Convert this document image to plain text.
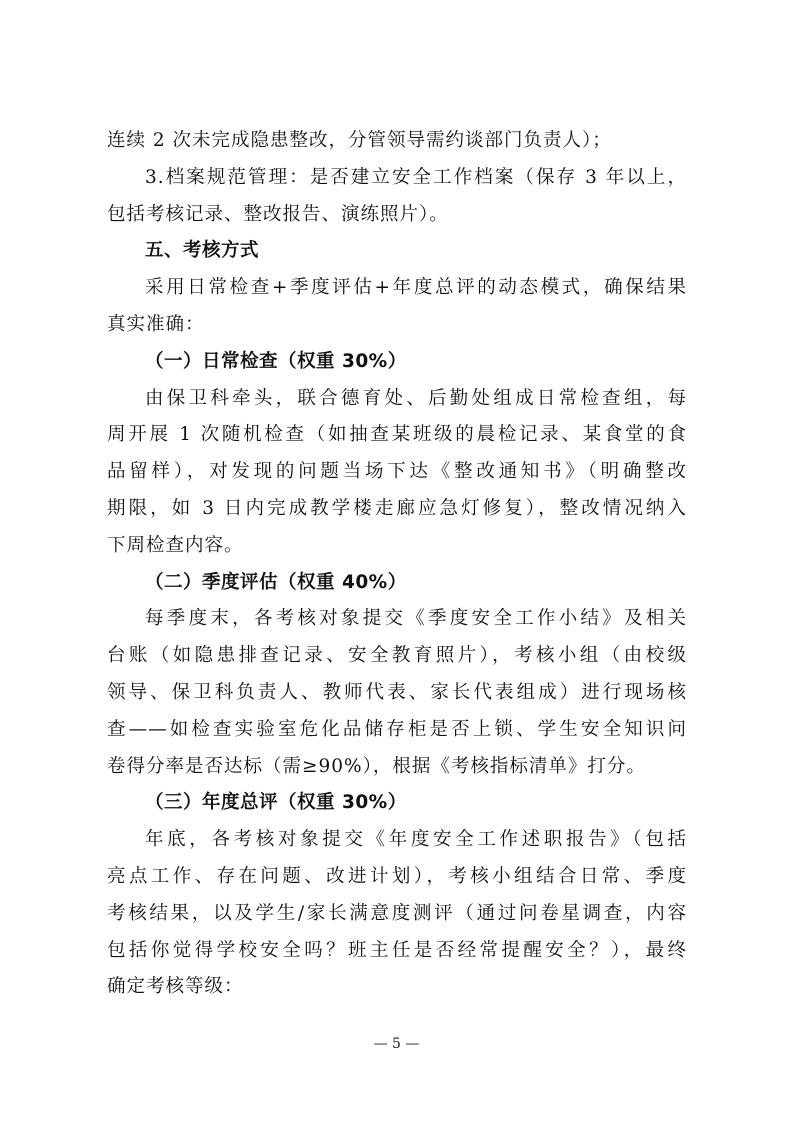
连续 2 次未完成隐患整改，分管领导需约谈部门负责人）；
3.档案规范管理：是否建立安全工作档案（保存 3 年以上，
包括考核记录、整改报告、演练照片）。
五、考核方式
采用日常检查+季度评估+年度总评的动态模式，确保结果
真实准确：
（一）日常检查（权重 30%）
由保卫科牵头，联合德育处、后勤处组成日常检查组，每
周开展 1 次随机检查（如抽查某班级的晨检记录、某食堂的食
品留样），对发现的问题当场下达《整改通知书》（明确整改
期限，如 3 日内完成教学楼走廊应急灯修复），整改情况纳入
下周检查内容。
（二）季度评估（权重 40%）
每季度末，各考核对象提交《季度安全工作小结》及相关
台账（如隐患排查记录、安全教育照片），考核小组（由校级
领导、保卫科负责人、教师代表、家长代表组成）进行现场核
查——如检查实验室危化品储存柜是否上锁、学生安全知识问
卷得分率是否达标（需≥90%），根据《考核指标清单》打分。
（三）年度总评（权重 30%）
年底，各考核对象提交《年度安全工作述职报告》（包括
亮点工作、存在问题、改进计划），考核小组结合日常、季度
考核结果，以及学生/家长满意度测评（通过问卷星调查，内容
包括你觉得学校安全吗？班主任是否经常提醒安全？），最终
确定考核等级：
— 5 —
